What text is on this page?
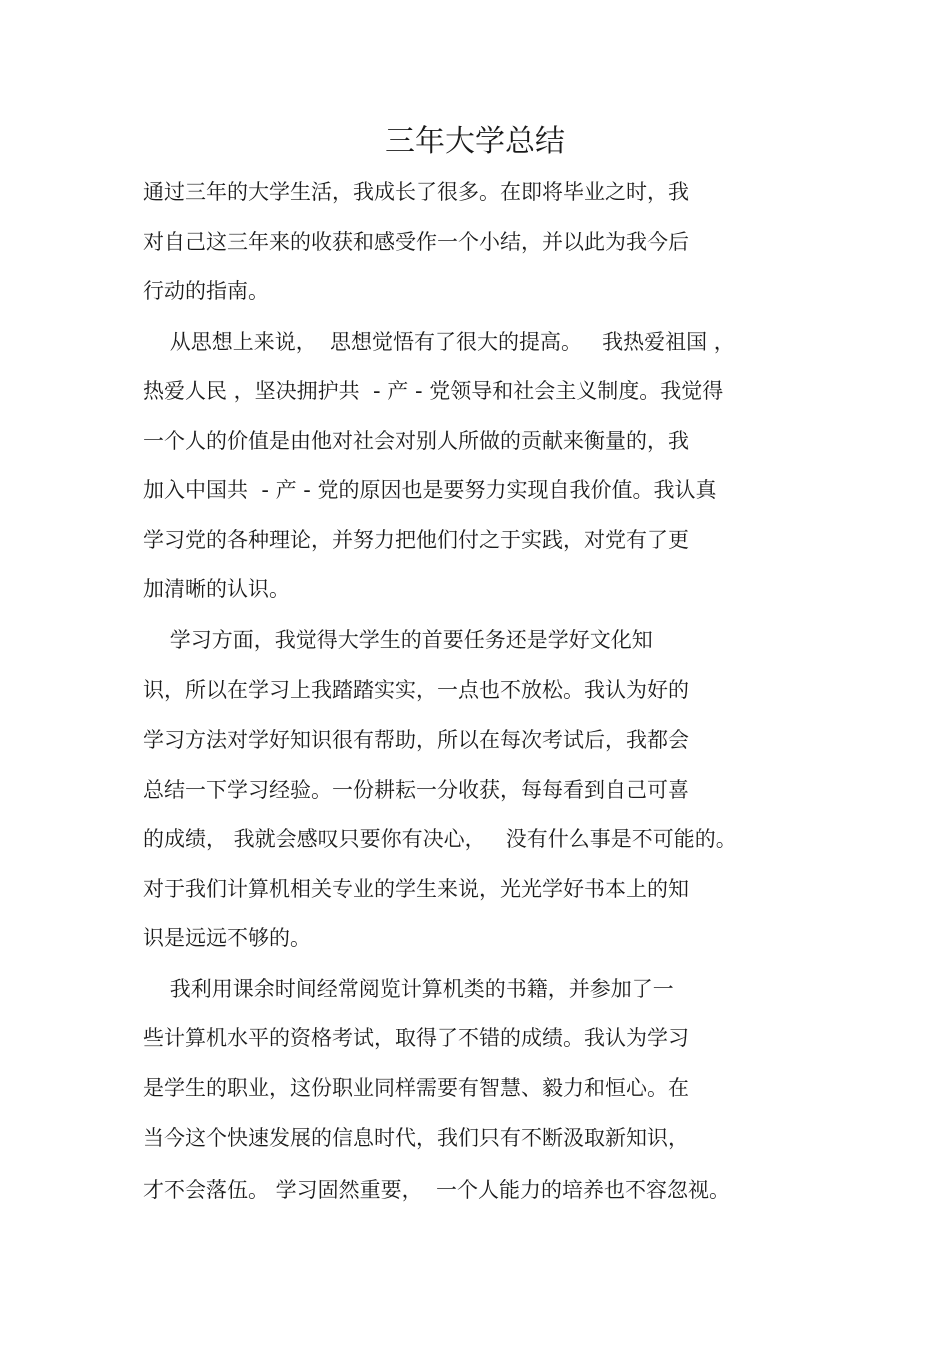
三年大学总结
通过三年的大学生活，我成长了很多。在即将毕业之时，我
对自己这三年来的收获和感受作一个小结，并以此为我今后
行动的指南。
从思想上来说，  思想觉悟有了很大的提高。   我热爱祖国 ，
热爱人民 ，坚决拥护共  - 产 - 党领导和社会主义制度。我觉得
一个人的价值是由他对社会对别人所做的贡献来衡量的，我
加入中国共  - 产 - 党的原因也是要努力实现自我价值。我认真
学习党的各种理论，并努力把他们付之于实践，对党有了更
加清晰的认识。
学习方面，我觉得大学生的首要任务还是学好文化知
识，所以在学习上我踏踏实实，一点也不放松。我认为好的
学习方法对学好知识很有帮助，所以在每次考试后，我都会
总结一下学习经验。一份耕耘一分收获，每每看到自己可喜
的成绩， 我就会感叹只要你有决心，   没有什么事是不可能的。
对于我们计算机相关专业的学生来说，光光学好书本上的知
识是远远不够的。
我利用课余时间经常阅览计算机类的书籍，并参加了一
些计算机水平的资格考试，取得了不错的成绩。我认为学习
是学生的职业，这份职业同样需要有智慧、毅力和恒心。在
当今这个快速发展的信息时代，我们只有不断汲取新知识，
才不会落伍。 学习固然重要，  一个人能力的培养也不容忽视。
